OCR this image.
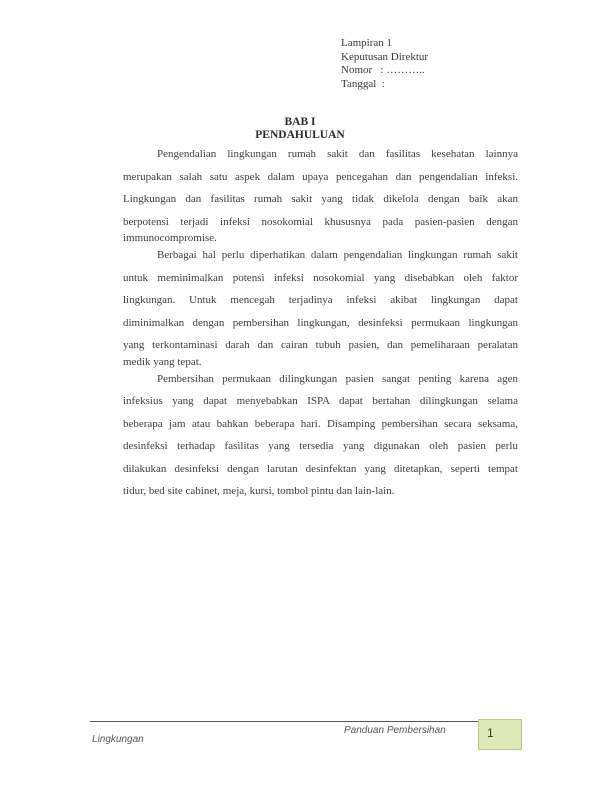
Lampiran 1
Keputusan Direktur
Nomor   : ………..
Tanggal  :
BAB I
PENDAHULUAN

Pengendalian lingkungan rumah sakit dan fasilitas kesehatan lainnya
merupakan salah satu aspek dalam upaya pencegahan dan pengendalian infeksi.
Lingkungan dan fasilitas rumah sakit yang tidak dikelola dengan baik akan
berpotensi terjadi infeksi nosokomial khususnya pada pasien-pasien dengan
immunocompromise.

Berbagai hal perlu diperhatikan dalam pengendalian lingkungan rumah sakit
untuk meminimalkan potensi infeksi nosokomial yang disebabkan oleh faktor
lingkungan. Untuk mencegah terjadinya infeksi akibat lingkungan dapat
diminimalkan dengan pembersihan lingkungan, desinfeksi permukaan lingkungan
yang terkontaminasi darah dan cairan tubuh pasien, dan pemeliharaan peralatan
medik yang tepat.

Pembersihan permukaan dilingkungan pasien sangat penting karena agen
infeksius yang dapat menyebabkan ISPA dapat bertahan dilingkungan selama
beberapa jam atau bahkan beberapa hari. Disamping pembersihan secara seksama,
desinfeksi terhadap fasilitas yang tersedia yang digunakan oleh pasien perlu
dilakukan desinfeksi dengan larutan desinfektan yang ditetapkan, seperti tempat
tidur, bed site cabinet, meja, kursi, tombol pintu dan lain-lain.

Panduan Pembersihan
Lingkungan	1
